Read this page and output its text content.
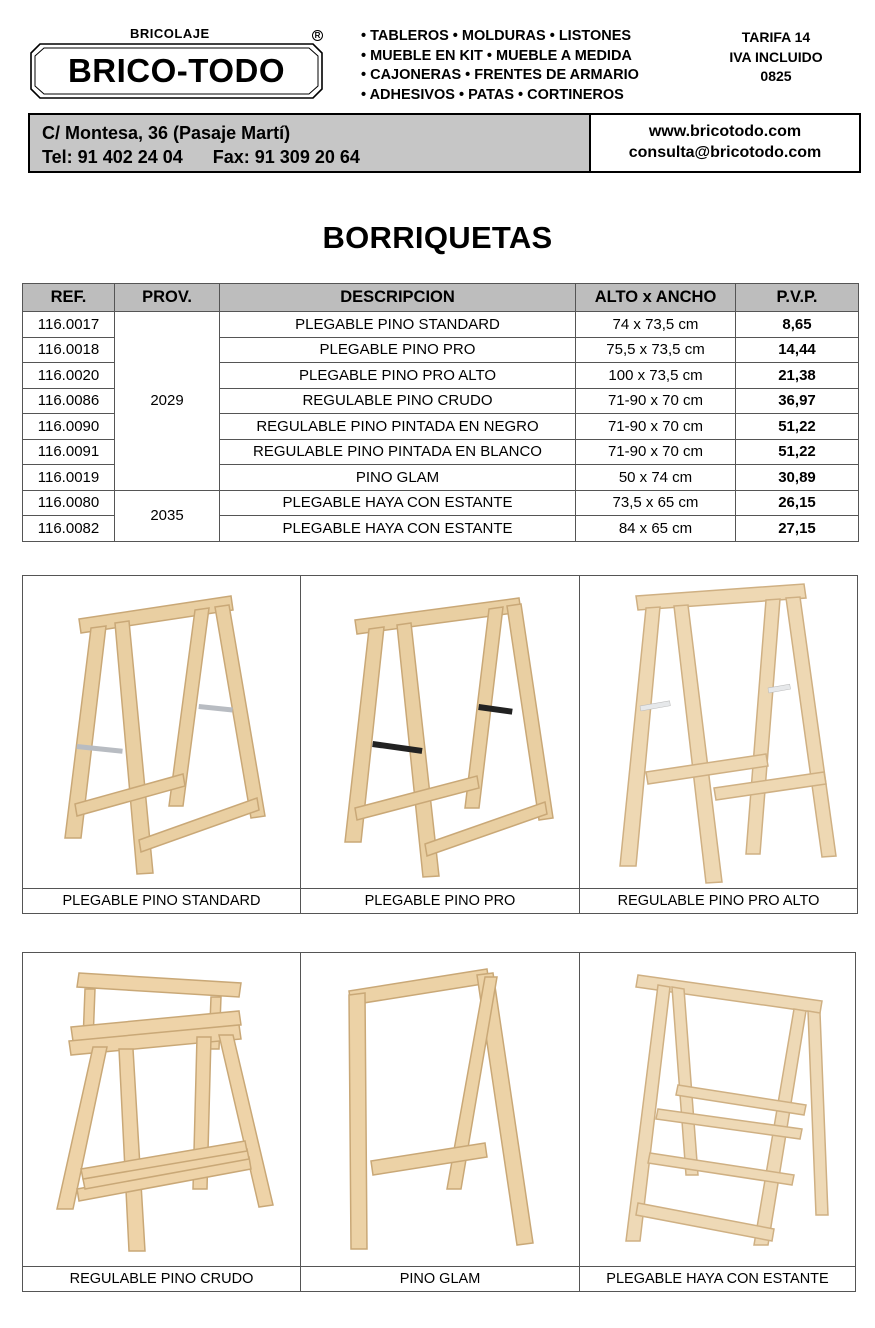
BRICOLAJE	R
BRICO-TODO
• TABLEROS • MOLDURAS • LISTONES
• MUEBLE EN KIT • MUEBLE A MEDIDA
• CAJONERAS • FRENTES DE ARMARIO
• ADHESIVOS • PATAS • CORTINEROS
TARIFA 14
IVA INCLUIDO
0825
C/ Montesa, 36 (Pasaje Martí)
Tel: 91 402 24 04 Fax: 91 309 20 64
www.bricotodo.com
consulta@bricotodo.com
BORRIQUETAS
REF.	PROV.	DESCRIPCION	ALTO x ANCHO	P.V.P.
116.0017	2029	PLEGABLE PINO STANDARD	74 x 73,5 cm	8,65
116.0018		PLEGABLE PINO PRO	75,5 x 73,5 cm	14,44
116.0020		PLEGABLE PINO PRO ALTO	100 x 73,5 cm	21,38
116.0086		REGULABLE PINO CRUDO	71-90 x 70 cm	36,97
116.0090		REGULABLE PINO PINTADA EN NEGRO	71-90 x 70 cm	51,22
116.0091		REGULABLE PINO PINTADA EN BLANCO	71-90 x 70 cm	51,22
116.0019		PINO GLAM	50 x 74 cm	30,89
116.0080	2035	PLEGABLE HAYA CON ESTANTE	73,5 x 65 cm	26,15
116.0082		PLEGABLE HAYA CON ESTANTE	84 x 65 cm	27,15
PLEGABLE PINO STANDARD	PLEGABLE PINO PRO	REGULABLE PINO PRO ALTO
REGULABLE PINO CRUDO	PINO GLAM	PLEGABLE HAYA CON ESTANTE
